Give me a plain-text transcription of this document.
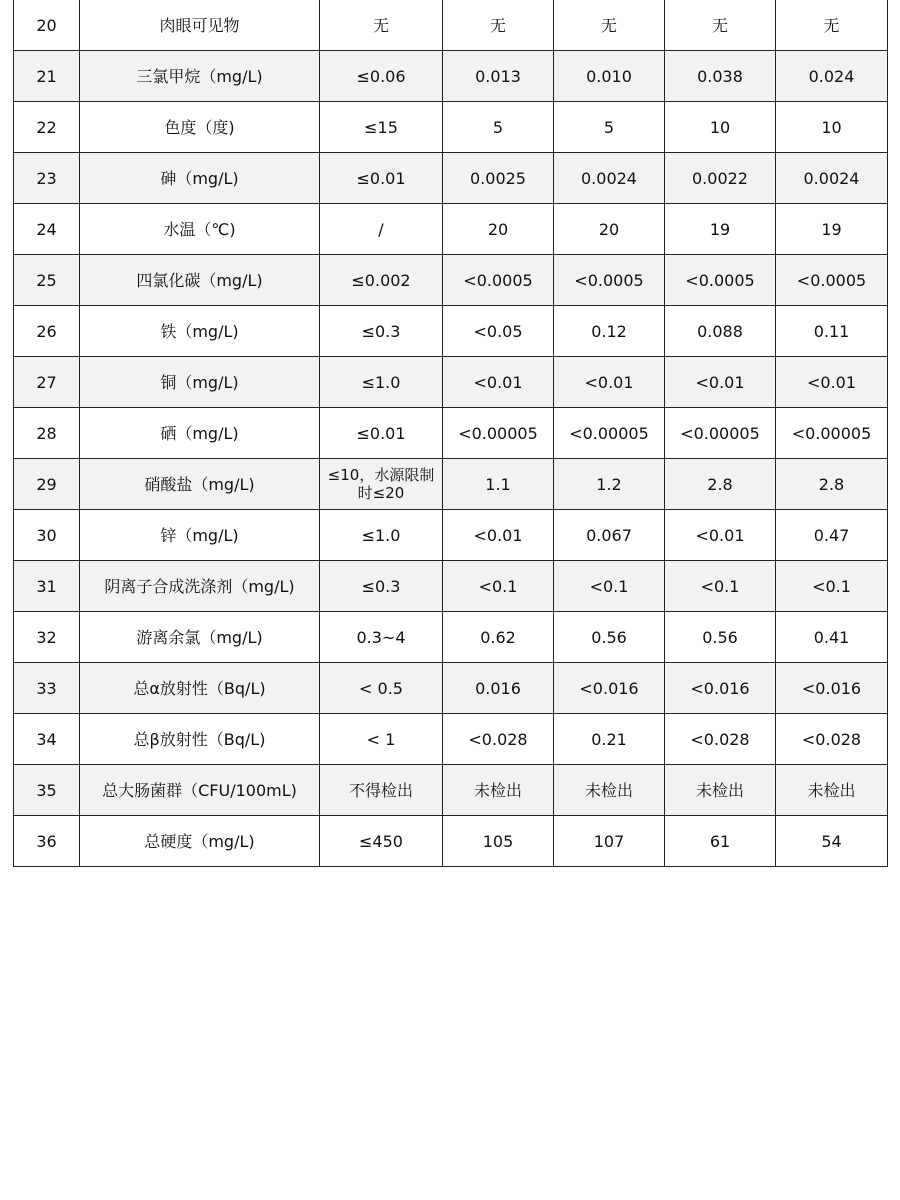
20	肉眼可见物	无	无	无	无	无
21	三氯甲烷（mg/L)	≤0.06	0.013	0.010	0.038	0.024
22	色度（度)	≤15	5	5	10	10
23	砷（mg/L)	≤0.01	0.0025	0.0024	0.0022	0.0024
24	水温（℃)	/	20	20	19	19
25	四氯化碳（mg/L)	≤0.002	<0.0005	<0.0005	<0.0005	<0.0005
26	铁（mg/L)	≤0.3	<0.05	0.12	0.088	0.11
27	铜（mg/L)	≤1.0	<0.01	<0.01	<0.01	<0.01
28	硒（mg/L)	≤0.01	<0.00005	<0.00005	<0.00005	<0.00005
29	硝酸盐（mg/L)	≤10，水源限制时≤20	1.1	1.2	2.8	2.8
30	锌（mg/L)	≤1.0	<0.01	0.067	<0.01	0.47
31	阴离子合成洗涤剂（mg/L)	≤0.3	<0.1	<0.1	<0.1	<0.1
32	游离余氯（mg/L)	0.3~4	0.62	0.56	0.56	0.41
33	总α放射性（Bq/L)	< 0.5	0.016	<0.016	<0.016	<0.016
34	总β放射性（Bq/L)	< 1	<0.028	0.21	<0.028	<0.028
35	总大肠菌群（CFU/100mL)	不得检出	未检出	未检出	未检出	未检出
36	总硬度（mg/L)	≤450	105	107	61	54
